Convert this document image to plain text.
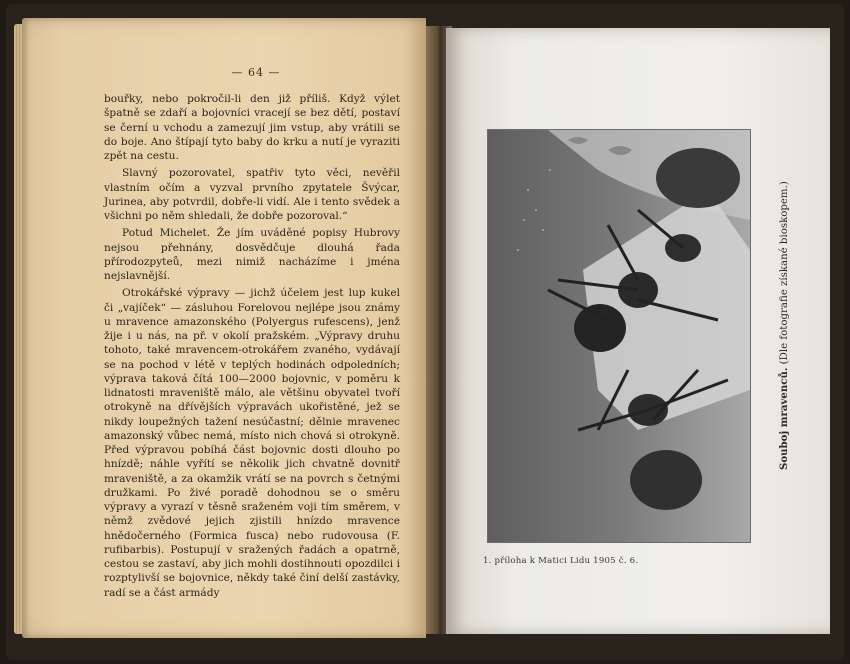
— 64 —

bouřky, nebo pokročil-li den již příliš. Když výlet špatně se zdaří a bojovníci vracejí se bez dětí, postaví se černí u vchodu a zamezují jim vstup, aby vrátili se do boje. Ano štípají tyto baby do krku a nutí je vyraziti zpět na cestu.

Slavný pozorovatel, spatřiv tyto věci, nevěřil vlastním očím a vyzval prvního zpytatele Švýcar, Jurinea, aby potvrdil, dobře-li vidí. Ale i tento svědek a všichni po něm shledali, že dobře pozoroval.“

Potud Michelet. Že jím uváděné popisy Hubrovy nejsou přehnány, dosvědčuje dlouhá řada přírodozpyteů, mezi nimiž nacházíme i jména nejslavnější.

Otrokářské výpravy — jichž účelem jest lup kukel či „vajíček“ — zásluhou Forelovou nejlépe jsou známy u mravence amazonského (Polyergus rufescens), jenž žije i u nás, na př. v okolí pražském. „Výpravy druhu tohoto, také mravencem-otrokářem zvaného, vydávají se na pochod v létě v teplých hodinách odpoledních; výprava taková čítá 100—2000 bojovnic, v poměru k lidnatosti mraveniště málo, ale většinu obyvatel tvoří otrokyně na dřívějších výpravách ukořistěné, jež se nikdy loupežných tažení nesúčastní; dělnie mravenec amazonský vůbec nemá, místo nich chová si otrokyně. Před výpravou pobíhá část bojovnic dosti dlouho po hnízdě; náhle vyřítí se několik jich chvatně dovnitř mraveniště, a za okamžik vrátí se na povrch s četnými družkami. Po živé poradě dohodnou se o směru výpravy a vyrazí v těsně sraženém voji tím směrem, v němž zvědové jejich zjistili hnízdo mravence hnědočerného (Formica fusca) nebo rudovousa (F. rufibarbis). Postupují v sražených řadách a opatrně, cestou se zastaví, aby jich mohli dostihnouti opozdilci i rozptylivší se bojovnice, někdy také činí delší zastávky, radí se a část armády

Souboj mravenců. (Dle fotografie získané bioskopem.)
1. příloha k Matici Lidu 1905 č. 6.
